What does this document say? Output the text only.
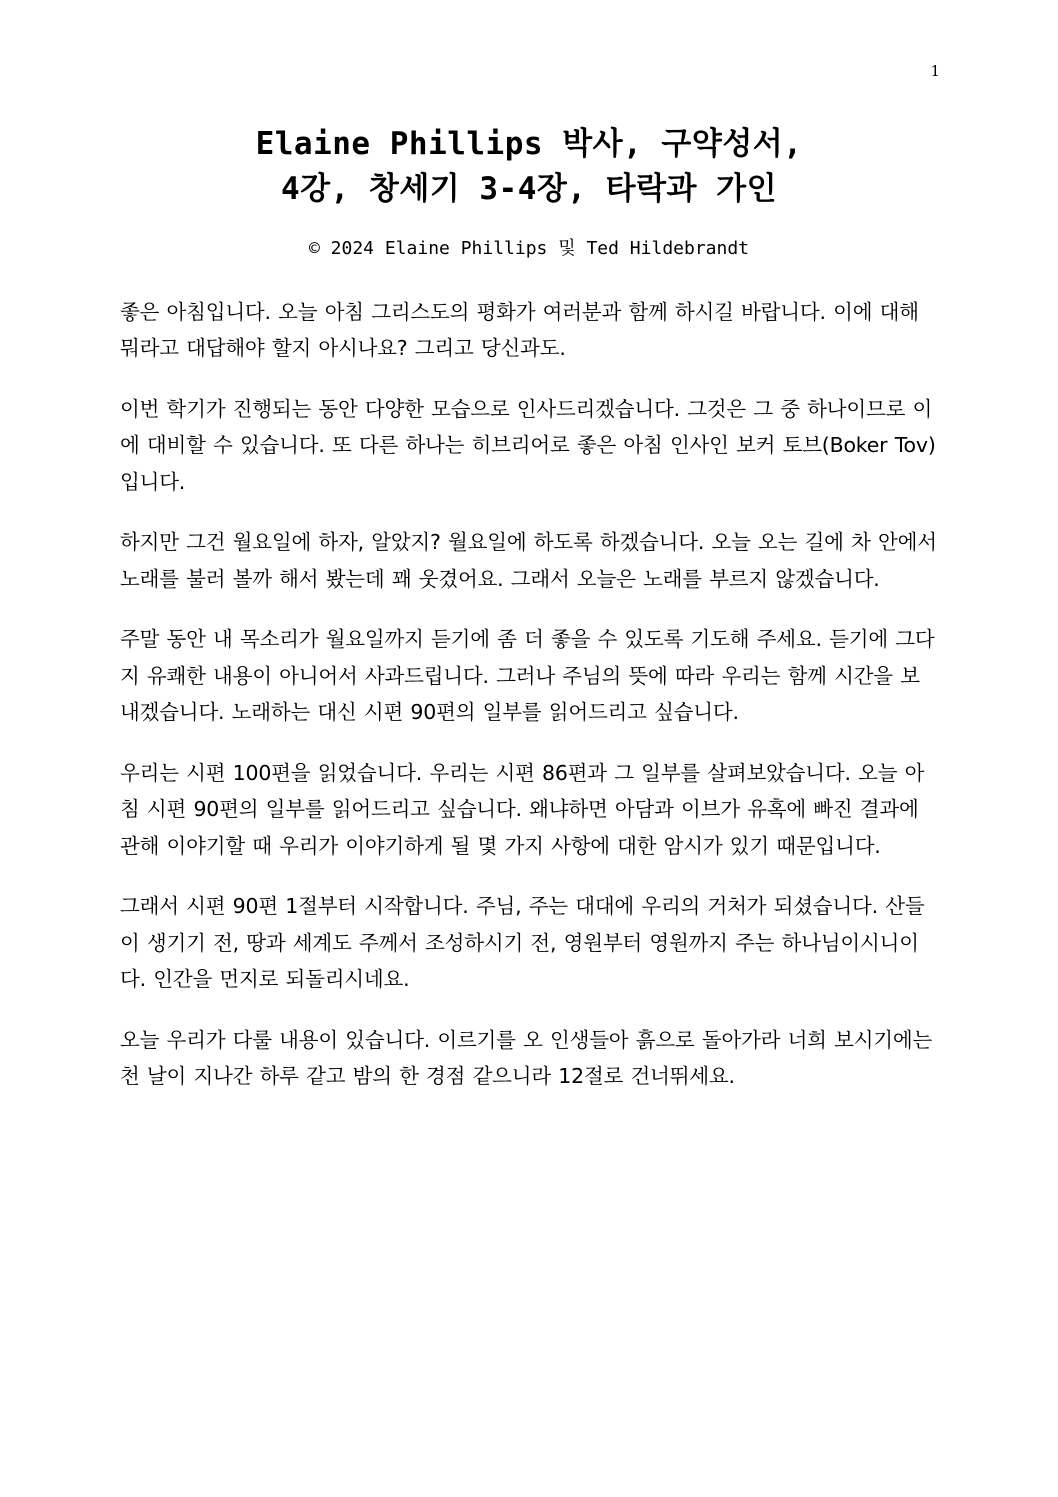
1
Elaine Phillips 박사, 구약성서,
4강, 창세기 3-4장, 타락과 가인
© 2024 Elaine Phillips 및 Ted Hildebrandt

좋은 아침입니다. 오늘 아침 그리스도의 평화가 여러분과 함께 하시길 바랍니다. 이에 대해 뭐라고 대답해야 할지 아시나요? 그리고 당신과도.

이번 학기가 진행되는 동안 다양한 모습으로 인사드리겠습니다. 그것은 그 중 하나이므로 이에 대비할 수 있습니다. 또 다른 하나는 히브리어로 좋은 아침 인사인 보커 토브(Boker Tov)입니다.

하지만 그건 월요일에 하자, 알았지? 월요일에 하도록 하겠습니다. 오늘 오는 길에 차 안에서 노래를 불러 볼까 해서 봤는데 꽤 웃겼어요. 그래서 오늘은 노래를 부르지 않겠습니다.

주말 동안 내 목소리가 월요일까지 듣기에 좀 더 좋을 수 있도록 기도해 주세요. 듣기에 그다지 유쾌한 내용이 아니어서 사과드립니다. 그러나 주님의 뜻에 따라 우리는 함께 시간을 보내겠습니다. 노래하는 대신 시편 90편의 일부를 읽어드리고 싶습니다.

우리는 시편 100편을 읽었습니다. 우리는 시편 86편과 그 일부를 살펴보았습니다. 오늘 아침 시편 90편의 일부를 읽어드리고 싶습니다. 왜냐하면 아담과 이브가 유혹에 빠진 결과에 관해 이야기할 때 우리가 이야기하게 될 몇 가지 사항에 대한 암시가 있기 때문입니다.

그래서 시편 90편 1절부터 시작합니다. 주님, 주는 대대에 우리의 거처가 되셨습니다. 산들이 생기기 전, 땅과 세계도 주께서 조성하시기 전, 영원부터 영원까지 주는 하나님이시니이다. 인간을 먼지로 되돌리시네요.

오늘 우리가 다룰 내용이 있습니다. 이르기를 오 인생들아 흙으로 돌아가라 너희 보시기에는 천 날이 지나간 하루 같고 밤의 한 경점 같으니라 12절로 건너뛰세요.
